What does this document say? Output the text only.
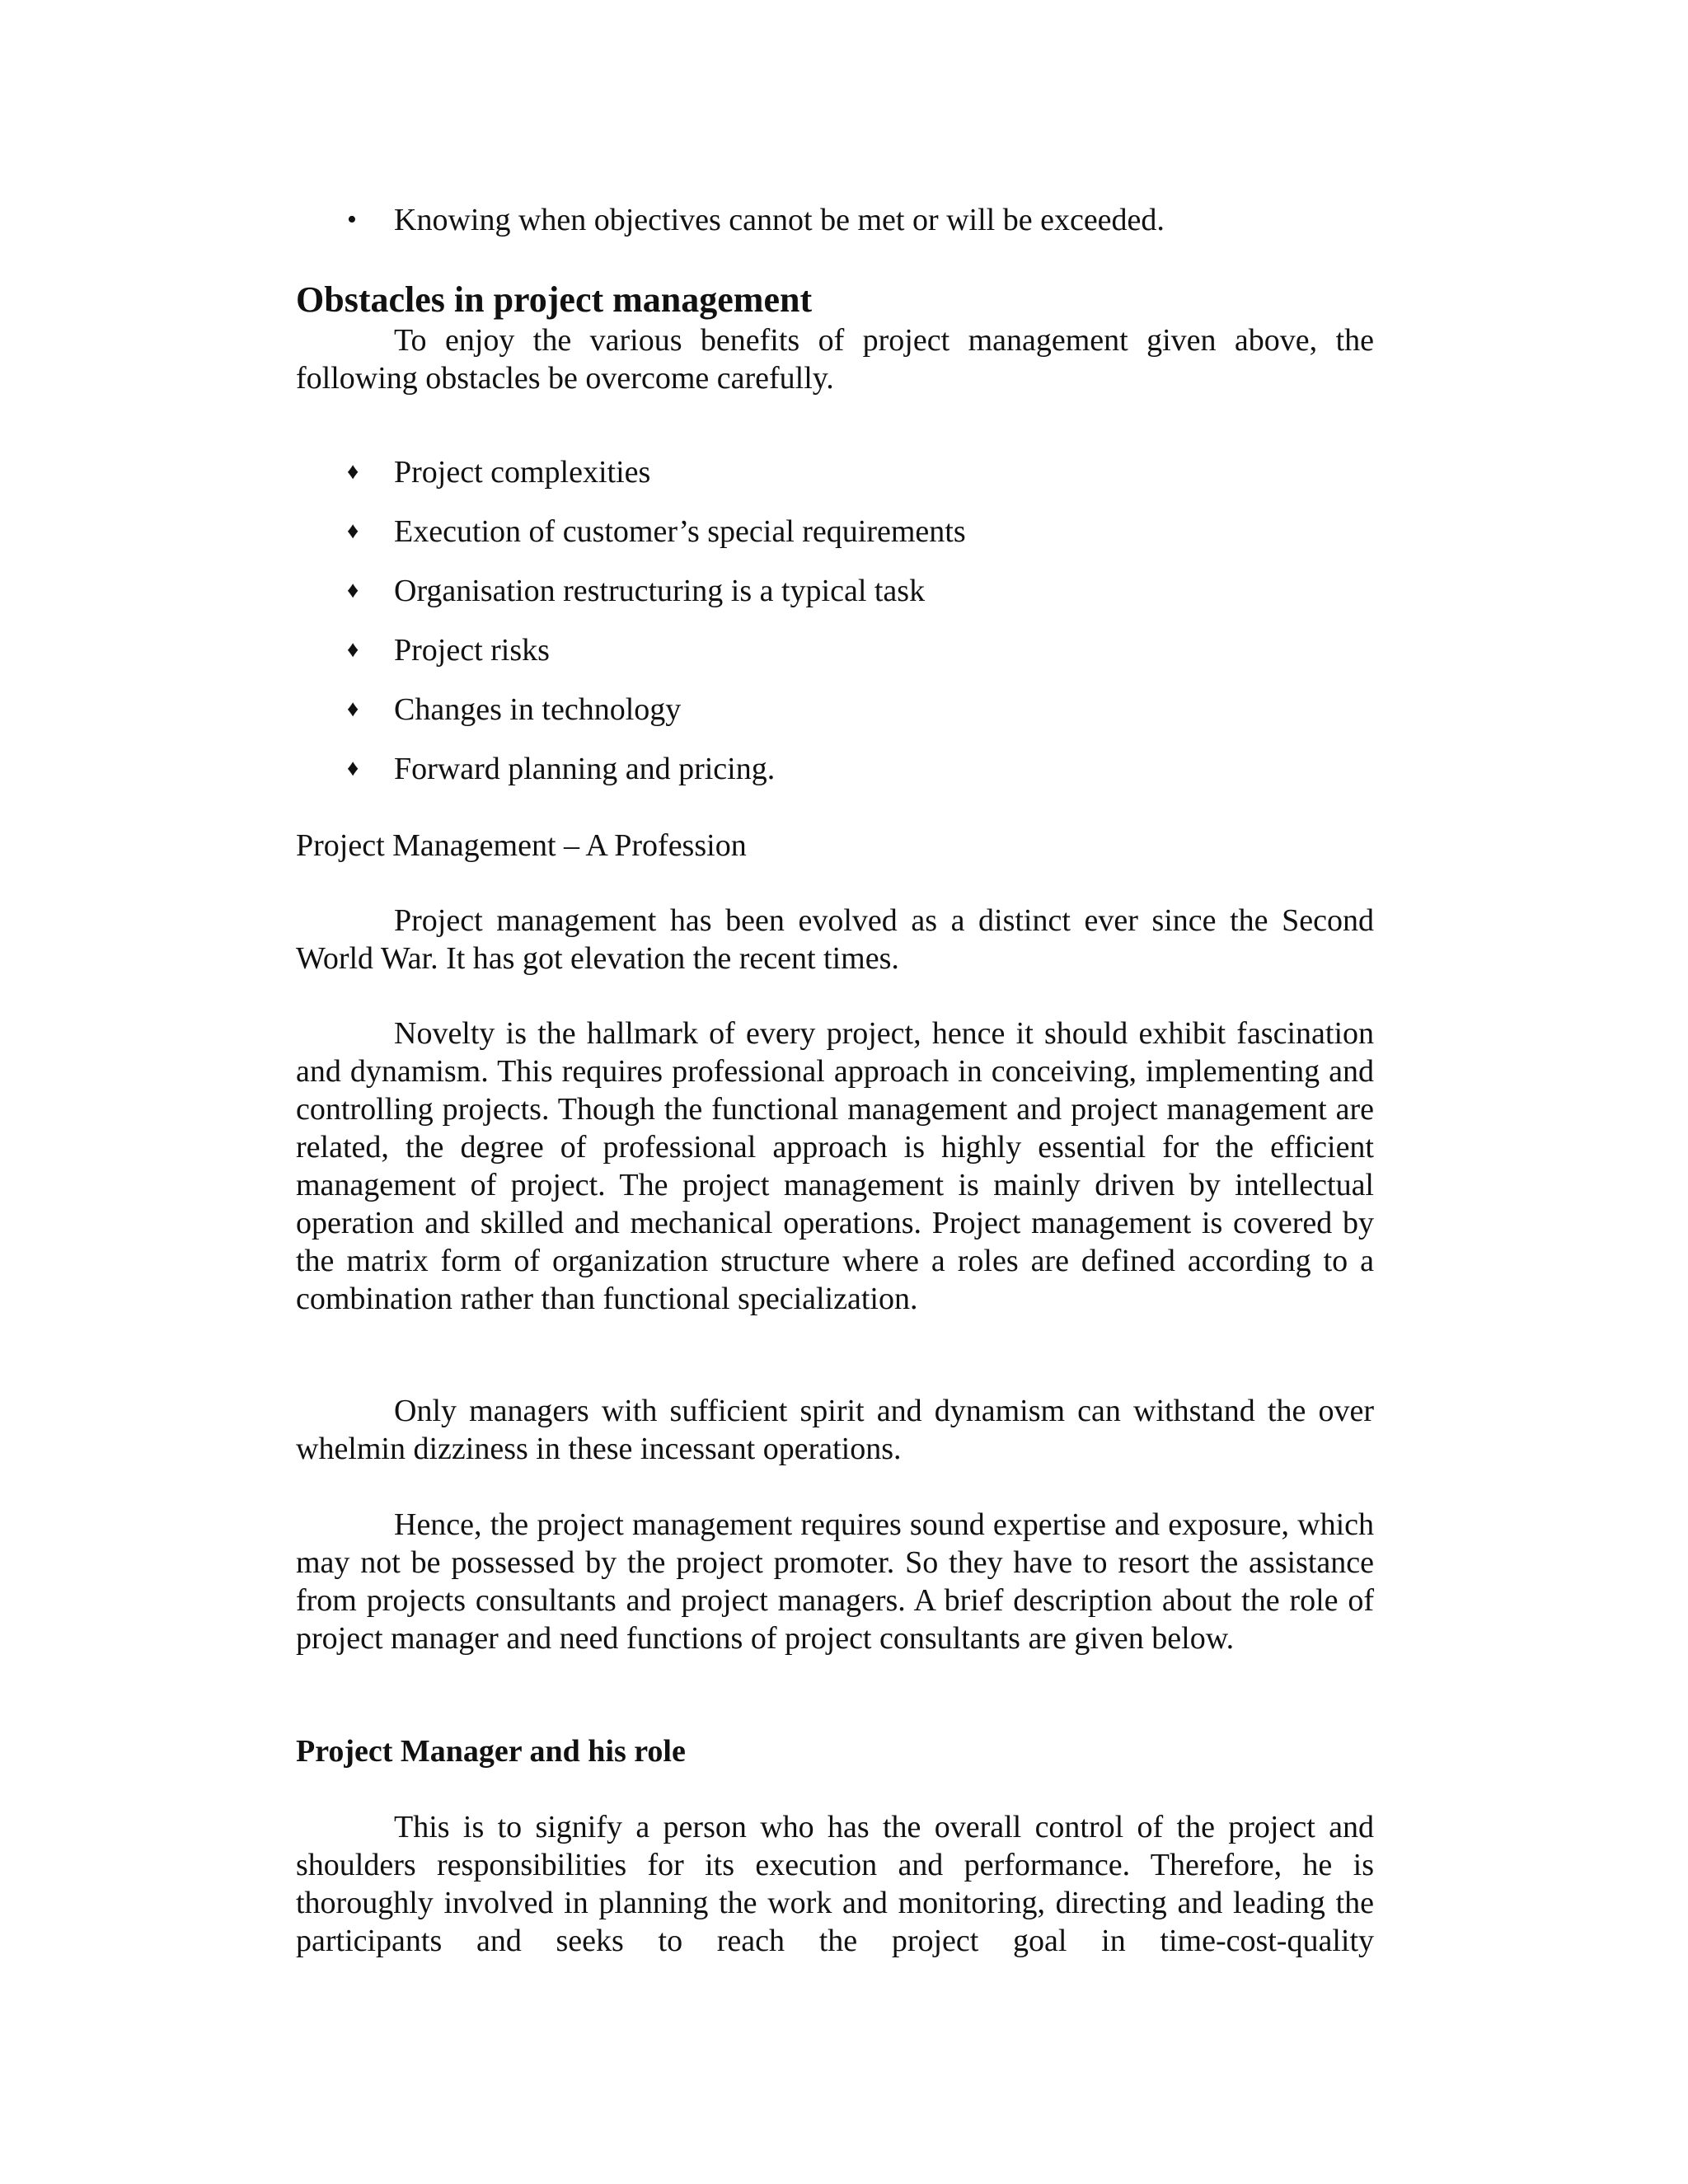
•	Knowing when objectives cannot be met or will be exceeded.
Obstacles in project management
To enjoy the various benefits of project management given above, the following obstacles be overcome carefully.
♦	Project complexities
♦	Execution of customer’s special requirements
♦	Organisation restructuring is a typical task
♦	Project risks
♦	Changes in technology
♦	Forward planning and pricing.
Project Management – A Profession
Project management has been evolved as a distinct ever since the Second World War. It has got elevation the recent times.
Novelty is the hallmark of every project, hence it should exhibit fascination and dynamism. This requires professional approach in conceiving, implementing and controlling projects. Though the functional management and project management are related, the degree of professional approach is highly essential for the efficient management of project. The project management is mainly driven by intellectual operation and skilled and mechanical operations. Project management is covered by the matrix form of organization structure where a roles are defined according to a combination rather than functional specialization.
Only managers with sufficient spirit and dynamism can withstand the over whelmin dizziness in these incessant operations.
Hence, the project management requires sound expertise and exposure, which may not be possessed by the project promoter. So they have to resort the assistance from projects consultants and project managers. A brief description about the role of project manager and need functions of project consultants are given below.
Project Manager and his role
This is to signify a person who has the overall control of the project and shoulders responsibilities for its execution and performance. Therefore, he is thoroughly involved in planning the work and monitoring, directing and leading the participants and seeks to reach the project goal in time-cost-quality
